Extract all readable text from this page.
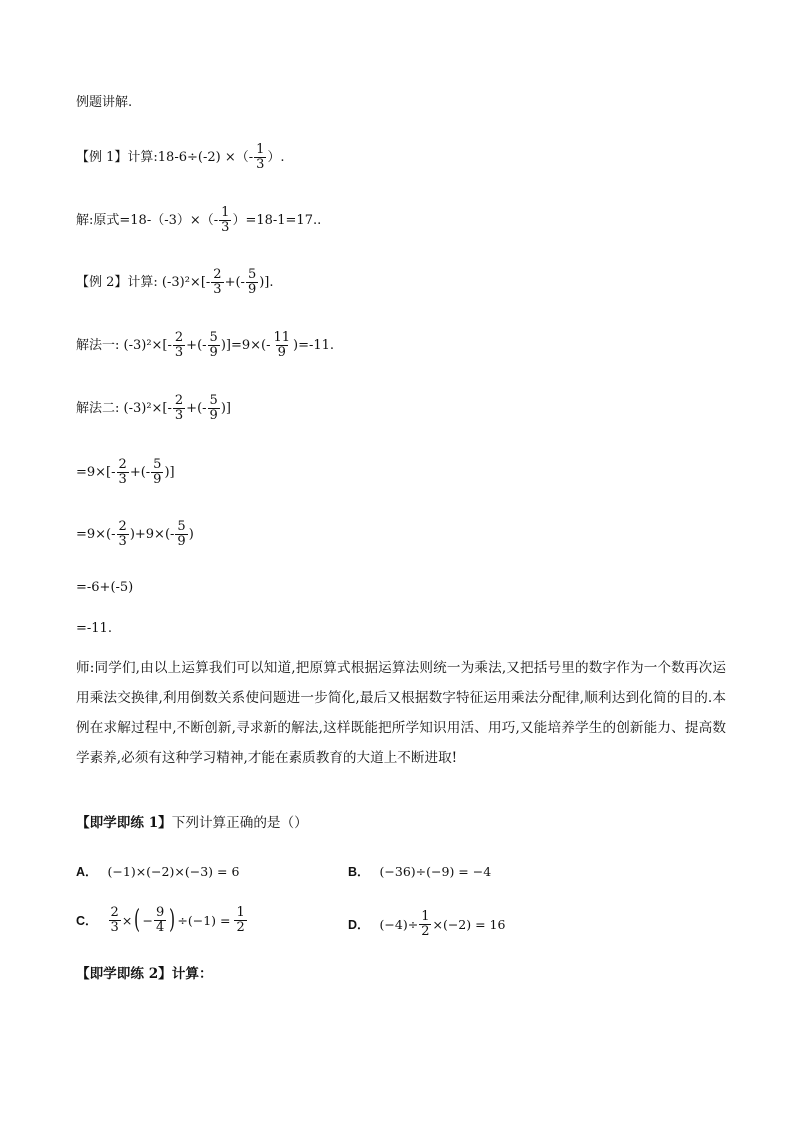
例题讲解.
【例 1】 计算:18-6÷(-2) ×（- $\frac{1}{3}$ ）.
解:原式$=18-(-3)\times(- \frac{1}{3} )=18-1=17$..
【例 2】 计算: $(-3)^2\times[- \frac{2}{3}$ +(- $\frac{5}{9}$ )].
解法一: $(-3)^2\times[- \frac{2}{3}$ +(- $\frac{5}{9} )]=9\times(- \frac{11}{9} )=-11$.
解法二: $(-3)^2\times[- \frac{2}{3}$ +(- $\frac{5}{9}$ )]
$=9\times[- \frac{2}{3}$ +(- $\frac{5}{9}$ )]
$=9\times(- \frac{2}{3} )+9\times(- \frac{5}{9}$ )
=-6+(-5)
=-11.
师:同学们,由以上运算我们可以知道,把原算式根据运算法则统一为乘法,又把括号里的数字作为一个数再次运用乘法交换律,利用倒数关系使问题进一步简化,最后又根据数字特征运用乘法分配律,顺利达到化简的目的.本例在求解过程中,不断创新,寻求新的解法,这样既能把所学知识用活、用巧,又能培养学生的创新能力、提高数学素养,必须有这种学习精神,才能在素质教育的大道上不断进取!
【即学即练 1】 下列计算正确的是（）
A． (−1)×(−2)×(−3) = 6	B． (−36)÷(−9) = −4
C． $\frac{2}{3}$ × ( − $\frac{9}{4}$ ) $\div(-1) = \frac{1}{2}$	D． $(-4)\div \frac{1}{2} \times(-2) = 16$
【即学即练 2】 计算：
